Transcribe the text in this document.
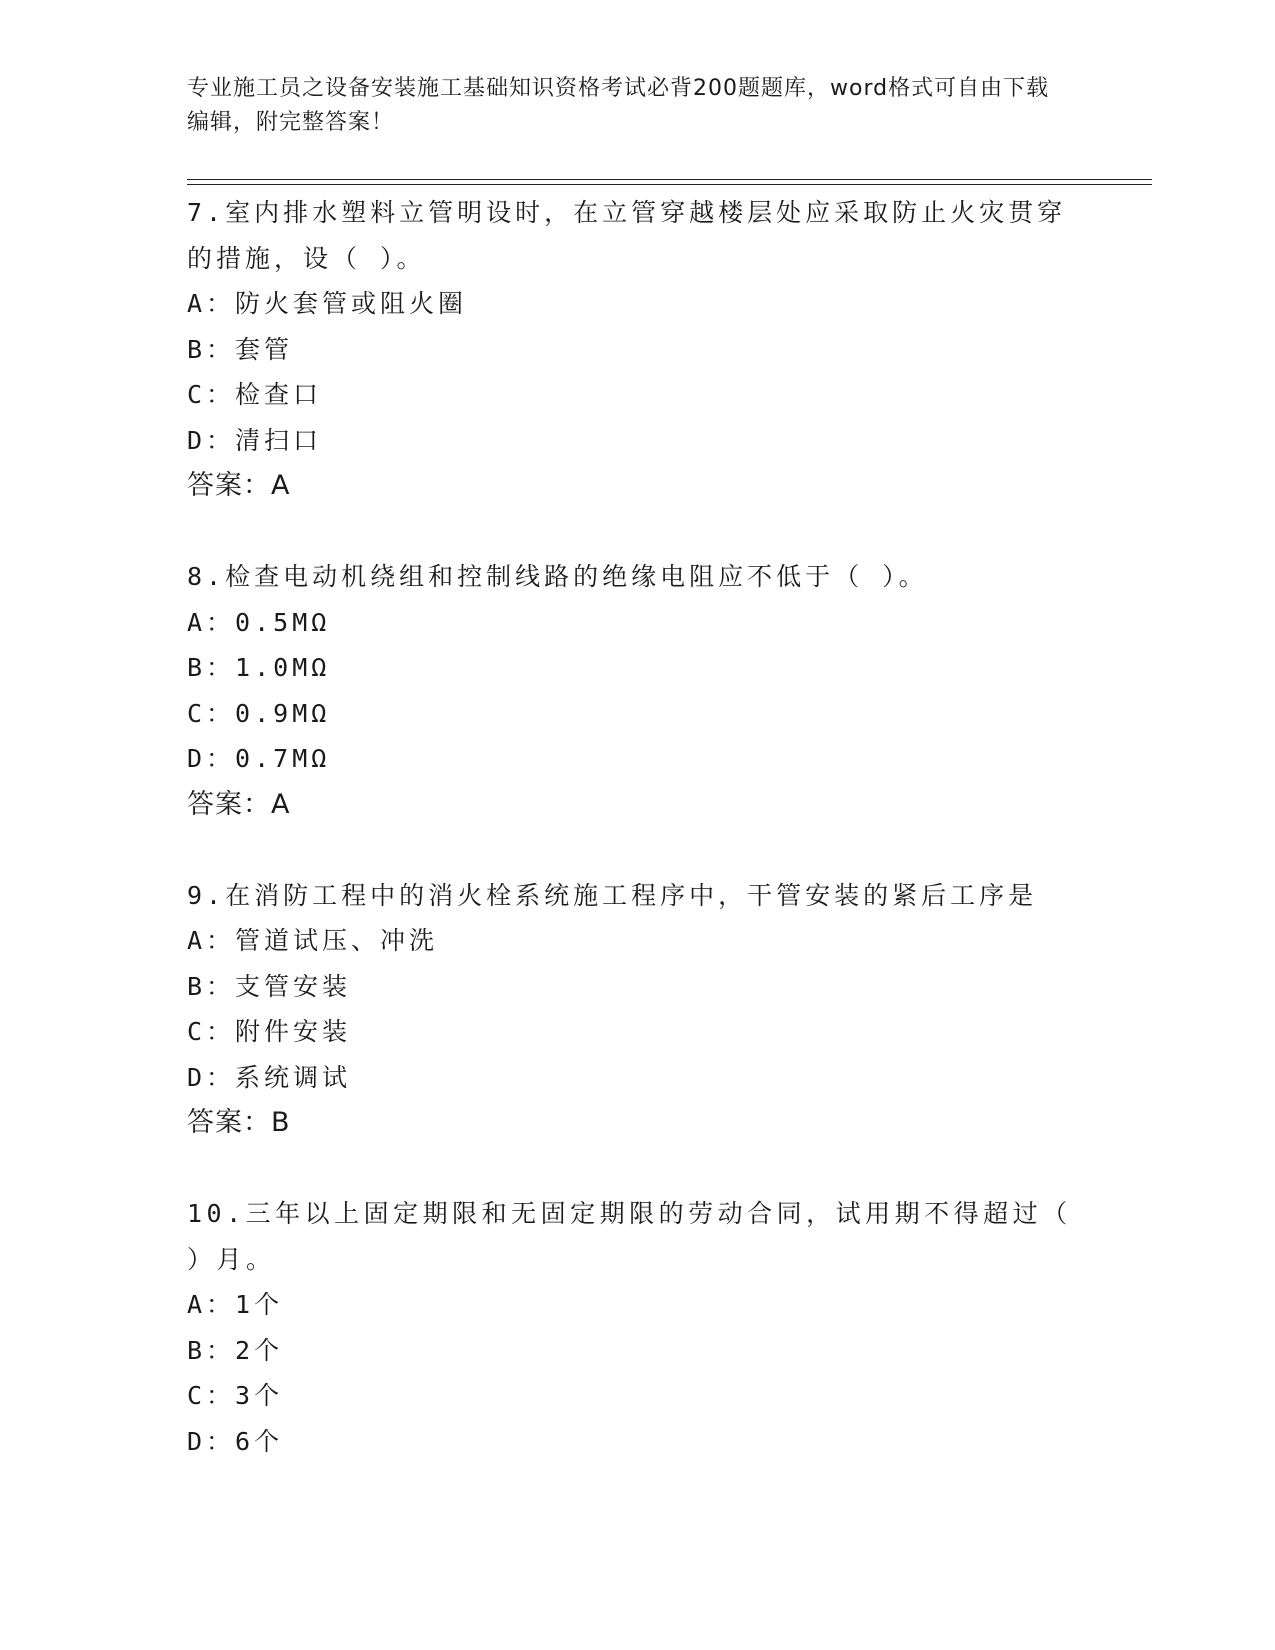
专业施工员之设备安装施工基础知识资格考试必背200题题库，word格式可自由下载编辑，附完整答案！

7.室内排水塑料立管明设时，在立管穿越楼层处应采取防止火灾贯穿的措施，设（ ）。

A：防火套管或阻火圈

B：套管

C：检查口

D：清扫口

答案：A

8.检查电动机绕组和控制线路的绝缘电阻应不低于（ ）。

A：0.5MΩ

B：1.0MΩ

C：0.9MΩ

D：0.7MΩ

答案：A

9.在消防工程中的消火栓系统施工程序中，干管安装的紧后工序是

A：管道试压、冲洗

B：支管安装

C：附件安装

D：系统调试

答案：B

10.三年以上固定期限和无固定期限的劳动合同，试用期不得超过（ ）月。

A：1个

B：2个

C：3个

D：6个
